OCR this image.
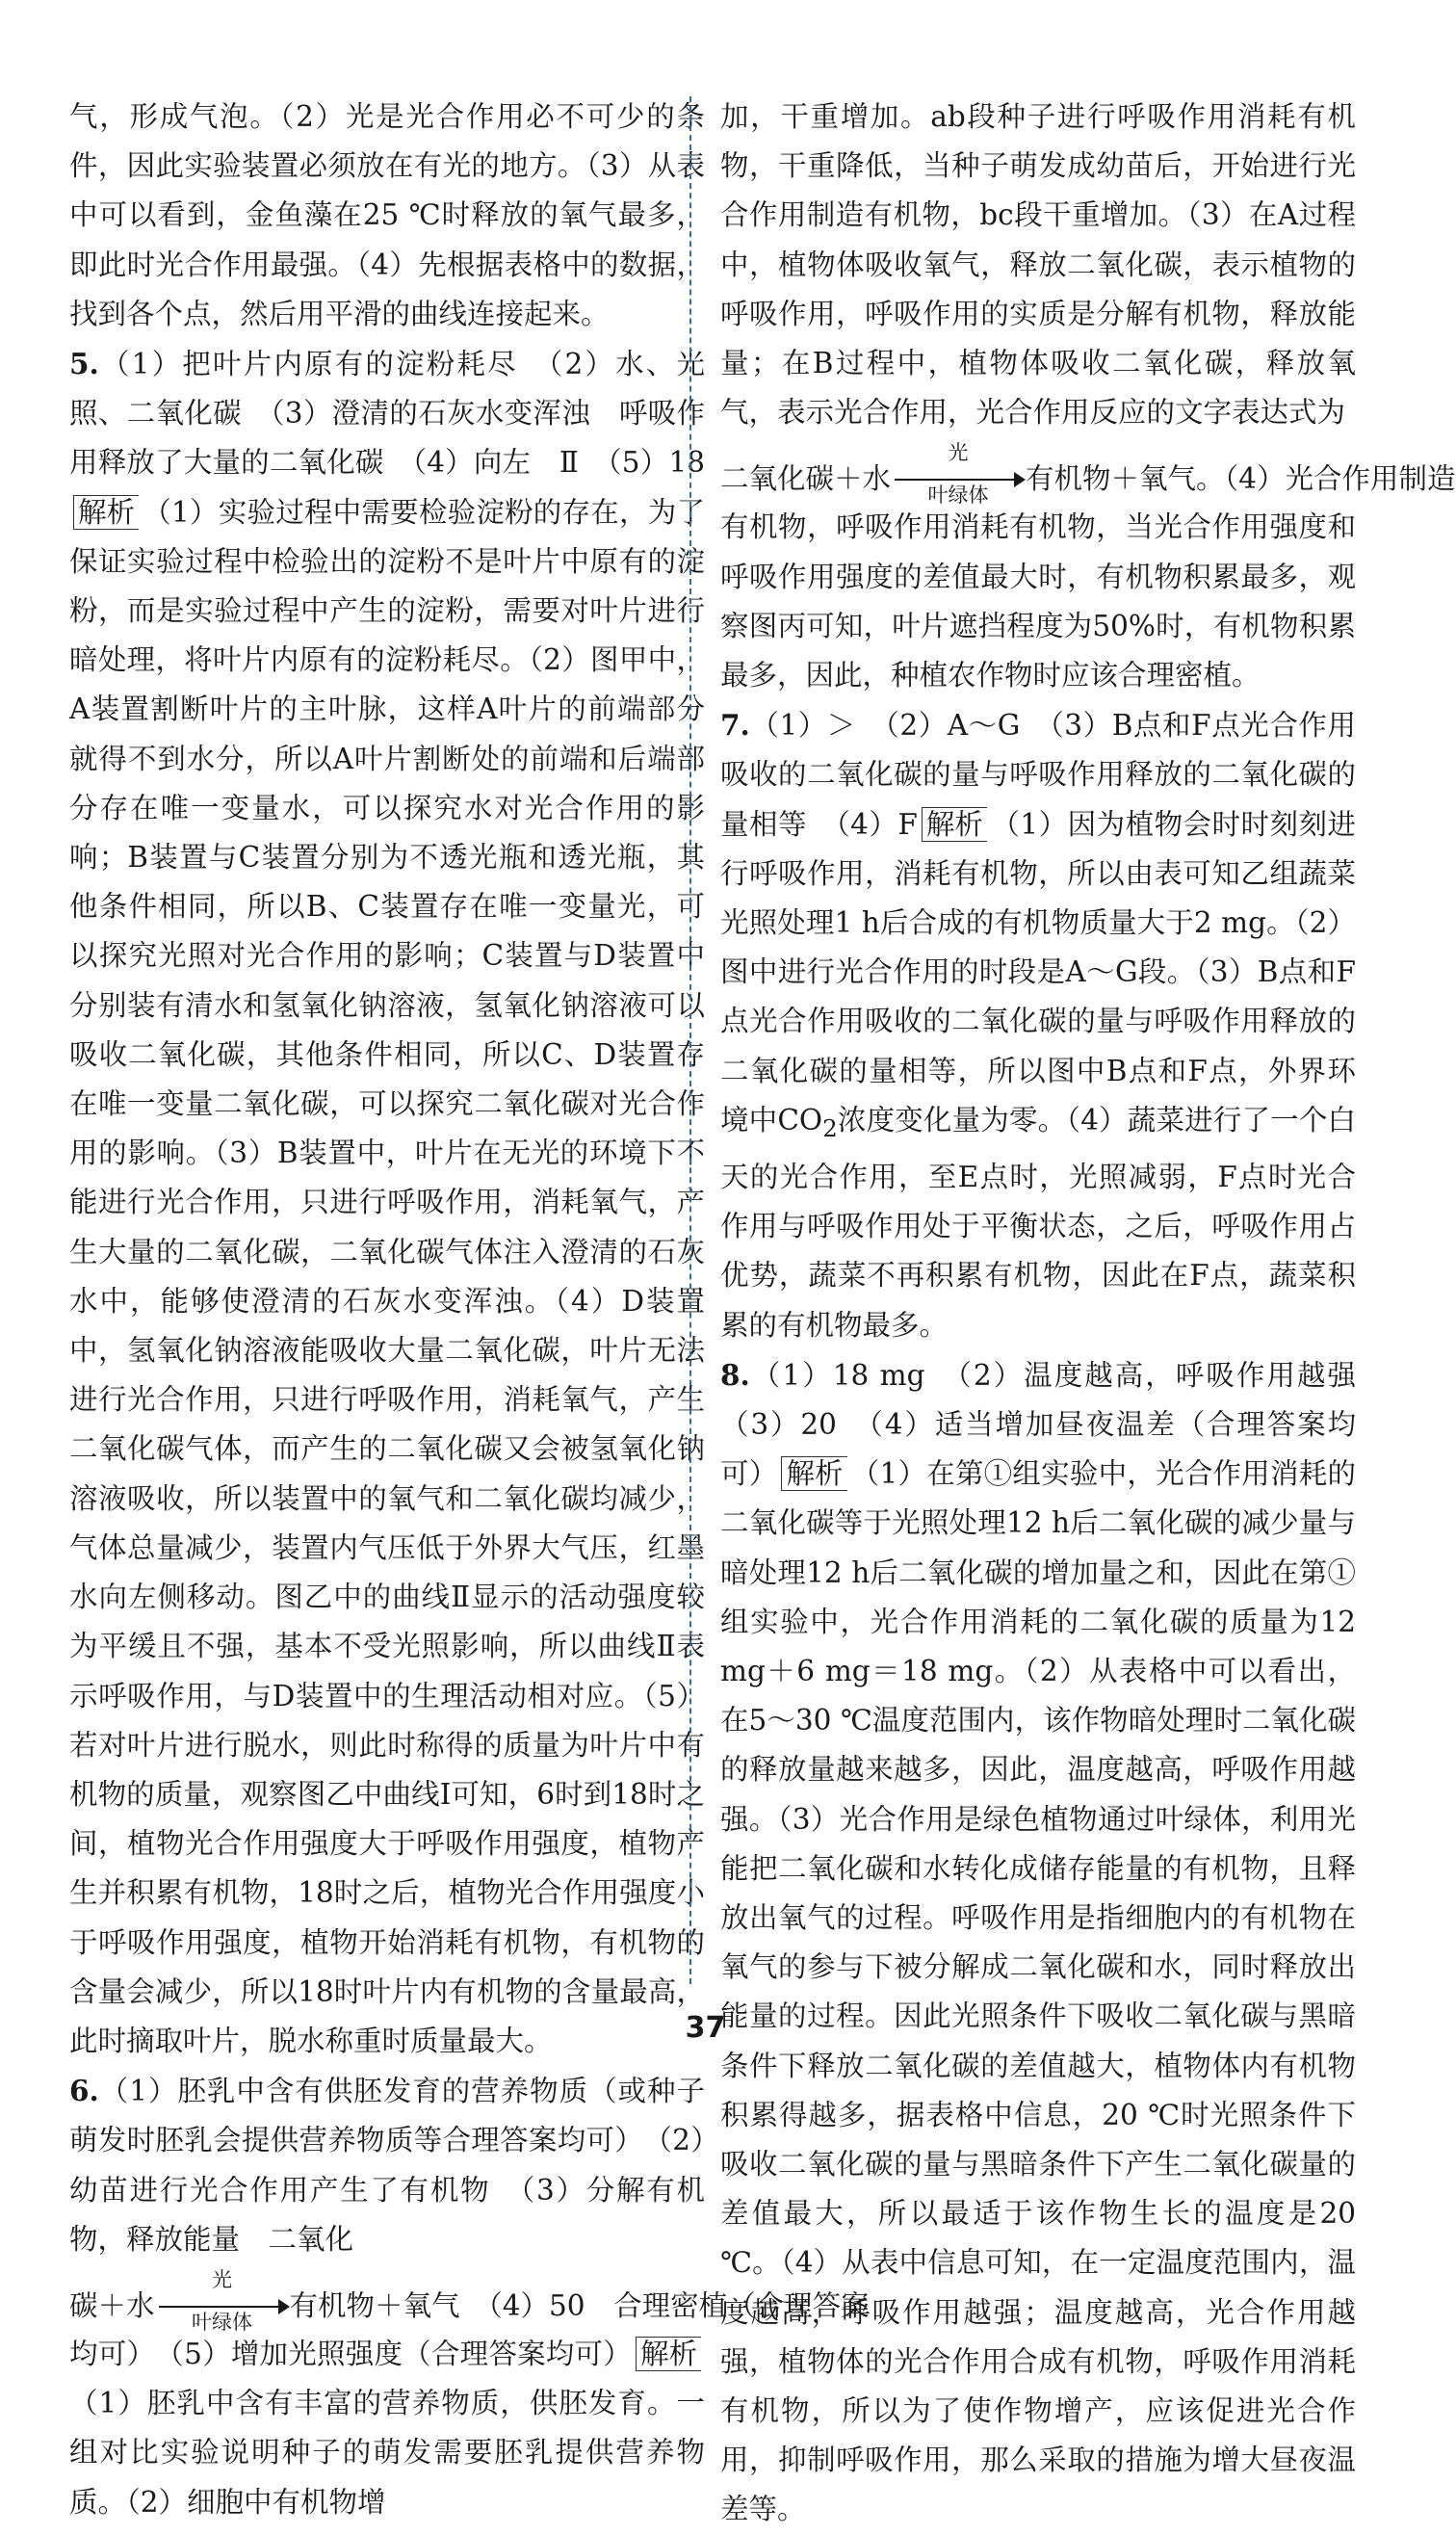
气，形成气泡。（2）光是光合作用必不可少的条件，因此实验装置必须放在有光的地方。（3）从表中可以看到，金鱼藻在25 ℃时释放的氧气最多，即此时光合作用最强。（4）先根据表格中的数据，找到各个点，然后用平滑的曲线连接起来。

5.（1）把叶片内原有的淀粉耗尽　（2）水、光照、二氧化碳　（3）澄清的石灰水变浑浊　呼吸作用释放了大量的二氧化碳　（4）向左　Ⅱ　（5）18解析 （1）实验过程中需要检验淀粉的存在，为了保证实验过程中检验出的淀粉不是叶片中原有的淀粉，而是实验过程中产生的淀粉，需要对叶片进行暗处理，将叶片内原有的淀粉耗尽。（2）图甲中，A装置割断叶片的主叶脉，这样A叶片的前端部分就得不到水分，所以A叶片割断处的前端和后端部分存在唯一变量水，可以探究水对光合作用的影响；B装置与C装置分别为不透光瓶和透光瓶，其他条件相同，所以B、C装置存在唯一变量光，可以探究光照对光合作用的影响；C装置与D装置中分别装有清水和氢氧化钠溶液，氢氧化钠溶液可以吸收二氧化碳，其他条件相同，所以C、D装置存在唯一变量二氧化碳，可以探究二氧化碳对光合作用的影响。（3）B装置中，叶片在无光的环境下不能进行光合作用，只进行呼吸作用，消耗氧气，产生大量的二氧化碳，二氧化碳气体注入澄清的石灰水中，能够使澄清的石灰水变浑浊。（4）D装置中，氢氧化钠溶液能吸收大量二氧化碳，叶片无法进行光合作用，只进行呼吸作用，消耗氧气，产生二氧化碳气体，而产生的二氧化碳又会被氢氧化钠溶液吸收，所以装置中的氧气和二氧化碳均减少，气体总量减少，装置内气压低于外界大气压，红墨水向左侧移动。图乙中的曲线Ⅱ显示的活动强度较为平缓且不强，基本不受光照影响，所以曲线Ⅱ表示呼吸作用，与D装置中的生理活动相对应。（5）若对叶片进行脱水，则此时称得的质量为叶片中有机物的质量，观察图乙中曲线Ⅰ可知，6时到18时之间，植物光合作用强度大于呼吸作用强度，植物产生并积累有机物，18时之后，植物光合作用强度小于呼吸作用强度，植物开始消耗有机物，有机物的含量会减少，所以18时叶片内有机物的含量最高，此时摘取叶片，脱水称重时质量最大。

6.（1）胚乳中含有供胚发育的营养物质（或种子萌发时胚乳会提供营养物质等合理答案均可）　（2）幼苗进行光合作用产生了有机物　（3）分解有机物，释放能量　二氧化

碳＋水
光
叶绿体	有机物＋氧气　（4）50　合理密植（合理答案

均可）　（5）增加光照强度（合理答案均可） 解析（1）胚乳中含有丰富的营养物质，供胚发育。一组对比实验说明种子的萌发需要胚乳提供营养物质。（2）细胞中有机物增

加，干重增加。ab段种子进行呼吸作用消耗有机物，干重降低，当种子萌发成幼苗后，开始进行光合作用制造有机物，bc段干重增加。（3）在A过程中，植物体吸收氧气，释放二氧化碳，表示植物的呼吸作用，呼吸作用的实质是分解有机物，释放能量；在B过程中，植物体吸收二氧化碳，释放氧气，表示光合作用，光合作用反应的文字表达式为

二氧化碳＋水
光
叶绿体	有机物＋氧气。（4）光合作用制造

有机物，呼吸作用消耗有机物，当光合作用强度和呼吸作用强度的差值最大时，有机物积累最多，观察图丙可知，叶片遮挡程度为50%时，有机物积累最多，因此，种植农作物时应该合理密植。

7.（1）＞　（2）A～G　（3）B点和F点光合作用吸收的二氧化碳的量与呼吸作用释放的二氧化碳的量相等　（4）F 解析 （1）因为植物会时时刻刻进行呼吸作用，消耗有机物，所以由表可知乙组蔬菜光照处理1 h后合成的有机物质量大于2 mg。（2）图中进行光合作用的时段是A～G段。（3）B点和F点光合作用吸收的二氧化碳的量与呼吸作用释放的二氧化碳的量相等，所以图中B点和F点，外界环境中$CO_2$浓度变化量为零。（4）蔬菜进行了一个白天的光合作用，至E点时，光照减弱，F点时光合作用与呼吸作用处于平衡状态，之后，呼吸作用占优势，蔬菜不再积累有机物，因此在F点，蔬菜积累的有机物最多。

8.（1）18 mg　（2）温度越高，呼吸作用越强　（3）20　（4）适当增加昼夜温差（合理答案均可） 解析 （1）在第①组实验中，光合作用消耗的二氧化碳等于光照处理12 h后二氧化碳的减少量与暗处理12 h后二氧化碳的增加量之和，因此在第①组实验中，光合作用消耗的二氧化碳的质量为12 mg＋6 mg＝18 mg。（2）从表格中可以看出，在5～30 ℃温度范围内，该作物暗处理时二氧化碳的释放量越来越多，因此，温度越高，呼吸作用越强。（3）光合作用是绿色植物通过叶绿体，利用光能把二氧化碳和水转化成储存能量的有机物，且释放出氧气的过程。呼吸作用是指细胞内的有机物在氧气的参与下被分解成二氧化碳和水，同时释放出能量的过程。因此光照条件下吸收二氧化碳与黑暗条件下释放二氧化碳的差值越大，植物体内有机物积累得越多，据表格中信息，20 ℃时光照条件下吸收二氧化碳的量与黑暗条件下产生二氧化碳量的差值最大，所以最适于该作物生长的温度是20 ℃。（4）从表中信息可知，在一定温度范围内，温度越高，呼吸作用越强；温度越高，光合作用越强，植物体的光合作用合成有机物，呼吸作用消耗有机物，所以为了使作物增产，应该促进光合作用，抑制呼吸作用，那么采取的措施为增大昼夜温差等。

37
